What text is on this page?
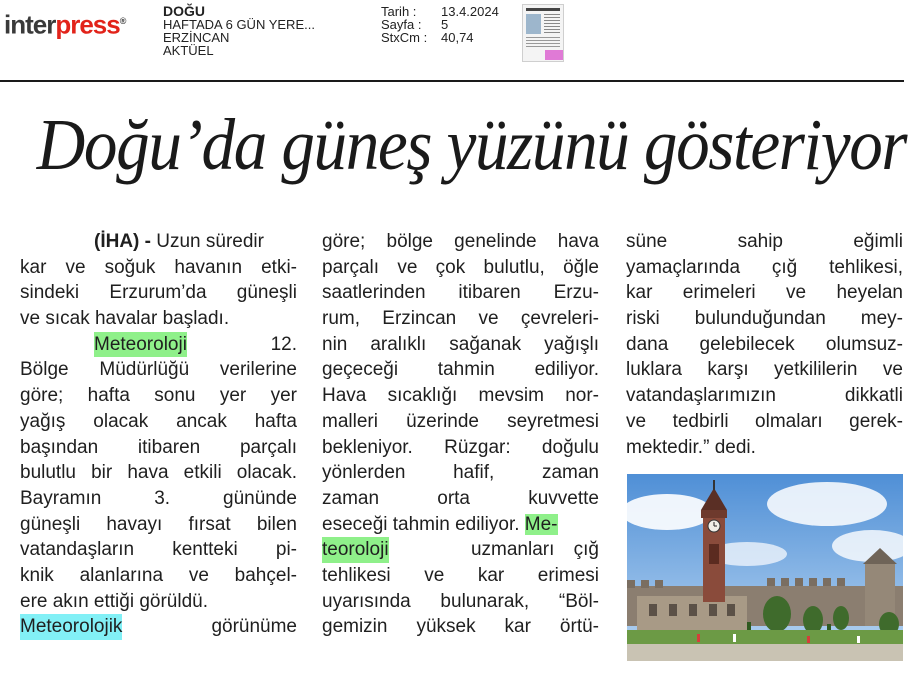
interpress®
DOĞU
HAFTADA 6 GÜN YERE...
ERZİNCAN
AKTÜEL
Tarih : 13.4.2024
Sayfa : 5
StxCm : 40,74
Doğu’da güneş yüzünü gösteriyor
(İHA) - Uzun süredir
kar ve soğuk havanın etki-
sindeki Erzurum’da güneşli
ve sıcak havalar başladı.
Meteoroloji	12.
Bölge Müdürlüğü verilerine
göre; hafta sonu yer yer
yağış olacak ancak hafta
başından itibaren parçalı
bulutlu bir hava etkili olacak.
Bayramın 3. gününde
güneşli havayı fırsat bilen
vatandaşların kentteki pi-
knik alanlarına ve bahçel-
ere akın ettiği görüldü.
Meteorolojik	görünüme
göre; bölge genelinde hava
parçalı ve çok bulutlu, öğle
saatlerinden itibaren Erzu-
rum, Erzincan ve çevreleri-
nin aralıklı sağanak yağışlı
geçeceği tahmin ediliyor.
Hava sıcaklığı mevsim nor-
malleri üzerinde seyretmesi
bekleniyor. Rüzgar: doğulu
yönlerden hafif, zaman
zaman orta kuvvette
eseceği tahmin ediliyor. Me-
teoroloji	uzmanları çığ
tehlikesi ve kar erimesi
uyarısında bulunarak, “Böl-
gemizin yüksek kar örtü-
süne sahip eğimli
yamaçlarında çığ tehlikesi,
kar erimeleri ve heyelan
riski bulunduğundan mey-
dana gelebilecek olumsuz-
luklara karşı yetkililerin ve
vatandaşlarımızın dikkatli
ve tedbirli olmaları gerek-
mektedir.” dedi.
